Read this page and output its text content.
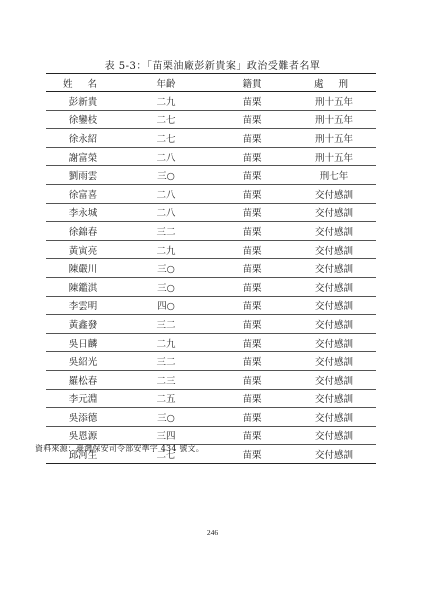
表 5-3：「苗栗油廠彭新貴案」政治受難者名單
姓 名	年齡	籍貫	處 刑
彭新貴	二九	苗栗	刑十五年
徐鑾枝	二七	苗栗	刑十五年
徐永紹	二七	苗栗	刑十五年
謝富榮	二八	苗栗	刑十五年
劉雨雲	三○	苗栗	刑七年
徐富喜	二八	苗栗	交付感訓
李永城	二八	苗栗	交付感訓
徐錦春	三二	苗栗	交付感訓
黃寅亮	二九	苗栗	交付感訓
陳嚴川	三○	苗栗	交付感訓
陳鑑淇	三○	苗栗	交付感訓
李雲明	四○	苗栗	交付感訓
黃鑫發	三二	苗栗	交付感訓
吳日麟	二九	苗栗	交付感訓
吳紹光	三二	苗栗	交付感訓
羅松春	二三	苗栗	交付感訓
李元淵	二五	苗栗	交付感訓
吳添德	三○	苗栗	交付感訓
吳恩源	三四	苗栗	交付感訓
邱河生	二七	苗栗	交付感訓
資料來源：臺灣保安司令部安準字 434 號文。
246
